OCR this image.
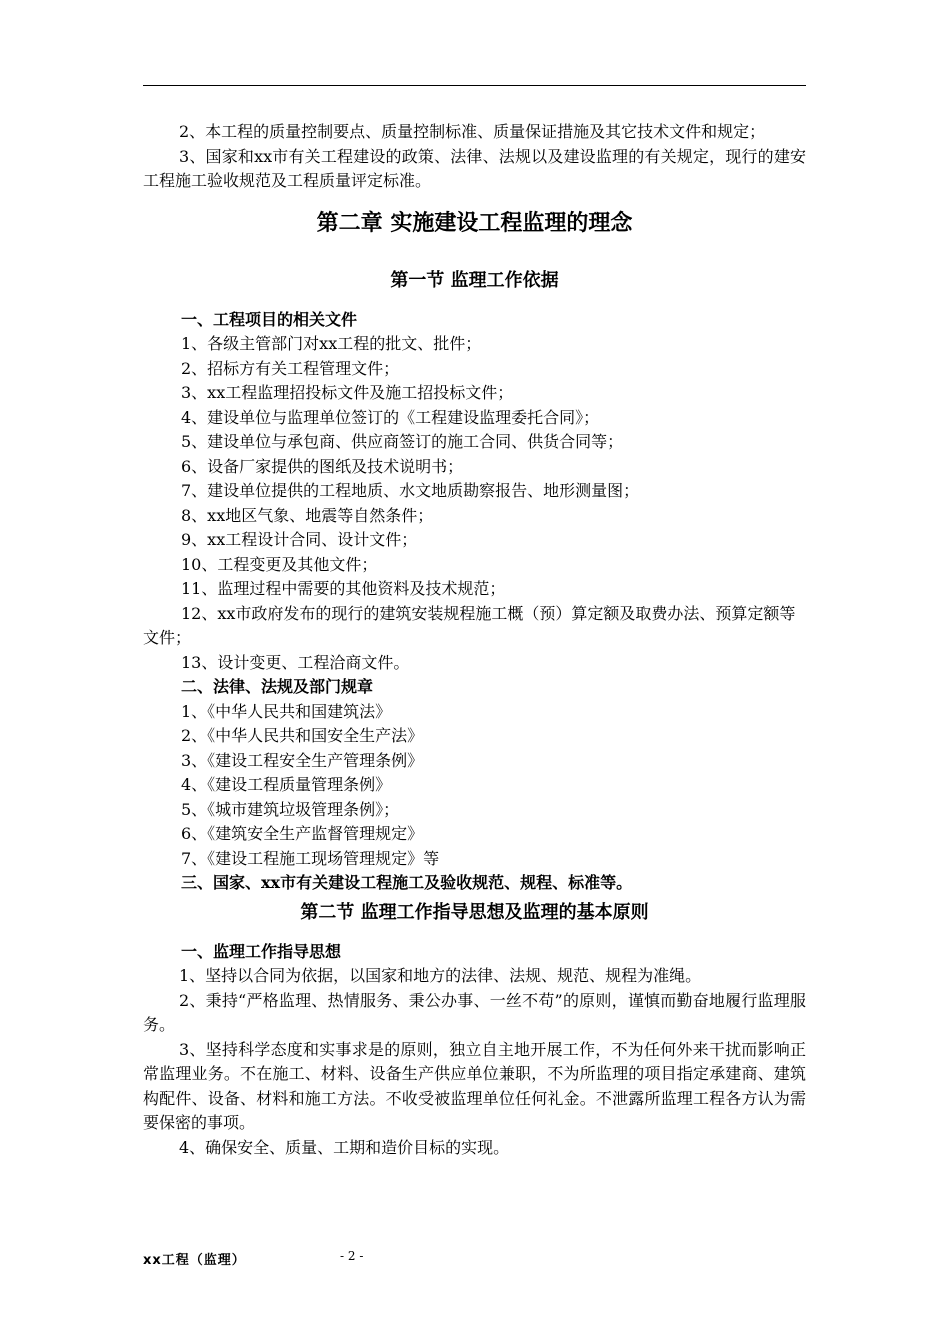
2、本工程的质量控制要点、质量控制标准、质量保证措施及其它技术文件和规定；

3、国家和xx市有关工程建设的政策、法律、法规以及建设监理的有关规定，现行的建安工程施工验收规范及工程质量评定标准。

第二章 实施建设工程监理的理念
第一节 监理工作依据

一、工程项目的相关文件

1、各级主管部门对xx工程的批文、批件；

2、招标方有关工程管理文件；

3、xx工程监理招投标文件及施工招投标文件；

4、建设单位与监理单位签订的《工程建设监理委托合同》；

5、建设单位与承包商、供应商签订的施工合同、供货合同等；

6、设备厂家提供的图纸及技术说明书；

7、建设单位提供的工程地质、水文地质勘察报告、地形测量图；

8、xx地区气象、地震等自然条件；

9、xx工程设计合同、设计文件；

10、工程变更及其他文件；

11、监理过程中需要的其他资料及技术规范；

12、xx市政府发布的现行的建筑安装规程施工概（预）算定额及取费办法、预算定额等文件；

13、设计变更、工程洽商文件。

二、法律、法规及部门规章

1、《中华人民共和国建筑法》

2、《中华人民共和国安全生产法》

3、《建设工程安全生产管理条例》

4、《建设工程质量管理条例》

5、《城市建筑垃圾管理条例》；

6、《建筑安全生产监督管理规定》

7、《建设工程施工现场管理规定》等

三、国家、xx市有关建设工程施工及验收规范、规程、标准等。

第二节 监理工作指导思想及监理的基本原则

一、监理工作指导思想

1、坚持以合同为依据，以国家和地方的法律、法规、规范、规程为准绳。

2、秉持“严格监理、热情服务、秉公办事、一丝不苟”的原则，谨慎而勤奋地履行监理服务。

3、坚持科学态度和实事求是的原则，独立自主地开展工作，不为任何外来干扰而影响正常监理业务。不在施工、材料、设备生产供应单位兼职，不为所监理的项目指定承建商、建筑构配件、设备、材料和施工方法。不收受被监理单位任何礼金。不泄露所监理工程各方认为需要保密的事项。

4、确保安全、质量、工期和造价目标的实现。

xx工程（监理）	- 2 -
